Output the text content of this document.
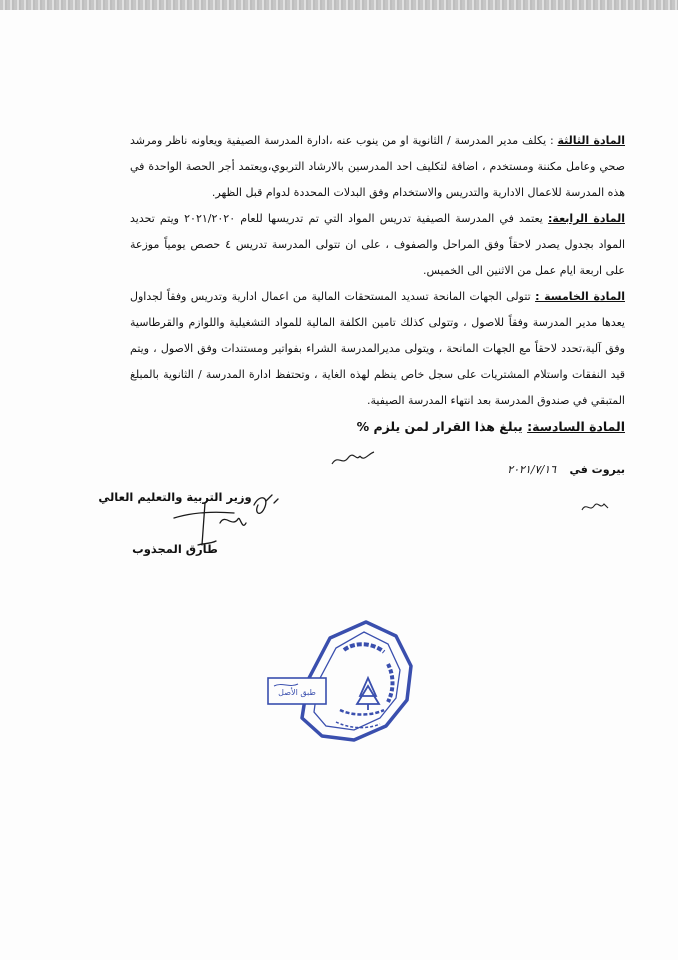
المادة الثالثة : يكلف مدير المدرسة / الثانوية او من ينوب عنه ،ادارة المدرسة الصيفية ويعاونه ناظر ومرشد صحي وعامل مكننة ومستخدم ، اضافة لتكليف احد المدرسين بالارشاد التربوي،ويعتمد أجر الحصة الواحدة في هذه المدرسة للاعمال الادارية والتدريس والاستخدام وفق البدلات المحددة لدوام قبل الظهر.

المادة الرابعة: يعتمد في المدرسة الصيفية تدريس المواد التي تم تدريسها للعام ٢٠٢١/٢٠٢٠ ويتم تحديد المواد بجدول يصدر لاحقاً وفق المراحل والصفوف ، على ان تتولى المدرسة تدريس ٤ حصص يومياً موزعة على اربعة ايام عمل من الاثنين الى الخميس.

المادة الخامسة : تتولى الجهات المانحة تسديد المستحقات المالية من اعمال ادارية وتدريس وفقاً لجداول يعدها مدير المدرسة وفقاً للاصول ، وتتولى كذلك تامين الكلفة المالية للمواد التشغيلية واللوازم والقرطاسية وفق آلية،تحدد لاحقاً مع الجهات المانحة ، ويتولى مديرالمدرسة الشراء بفواتير ومستندات وفق الاصول ، ويتم قيد النفقات واستلام المشتريات على سجل خاص ينظم لهذه الغاية ، وتحتفظ ادارة المدرسة / الثانوية بالمبلغ المتبقي في صندوق المدرسة بعد انتهاء المدرسة الصيفية.

المادة السادسة: يبلغ هذا القرار لمن يلزم %

بيروت في ٢٠٢١/٧/١٦
وزير التربية والتعليم العالي
طارق المجذوب
طبق الأصل
